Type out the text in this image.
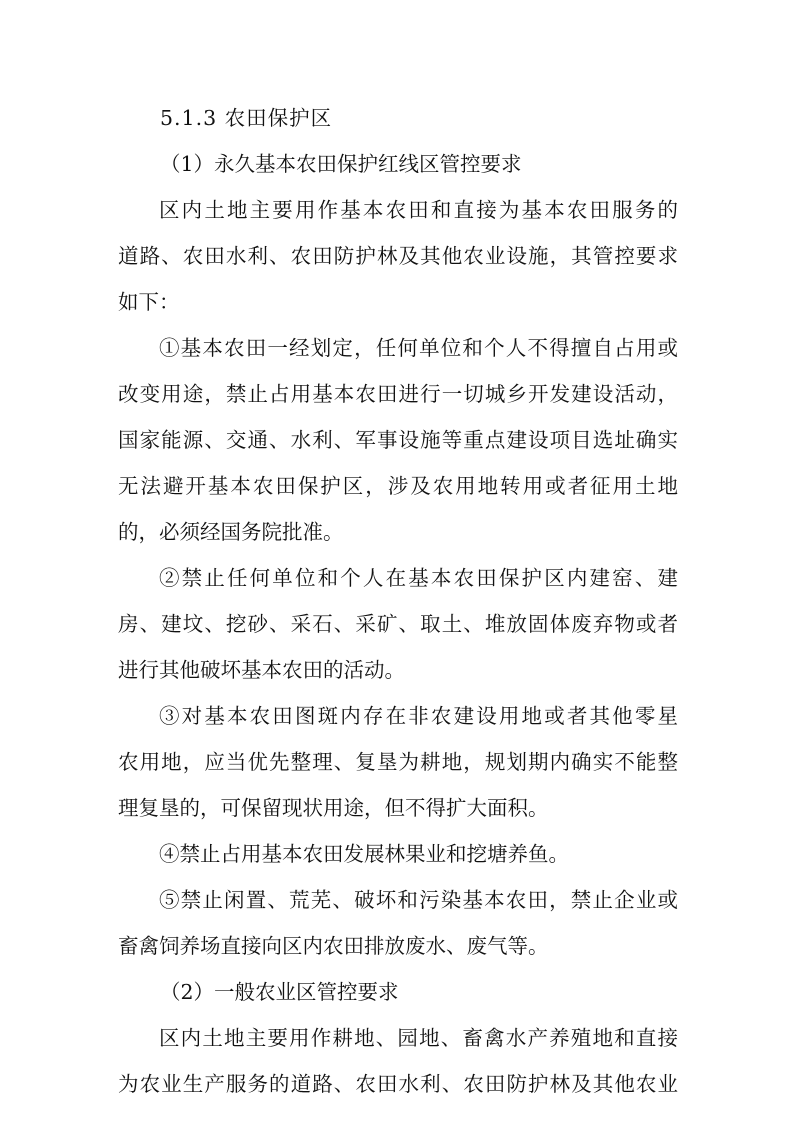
5.1.3 农田保护区
（1）永久基本农田保护红线区管控要求
区内土地主要用作基本农田和直接为基本农田服务的
道路、农田水利、农田防护林及其他农业设施，其管控要求
如下：
①基本农田一经划定，任何单位和个人不得擅自占用或
改变用途，禁止占用基本农田进行一切城乡开发建设活动，
国家能源、交通、水利、军事设施等重点建设项目选址确实
无法避开基本农田保护区，涉及农用地转用或者征用土地
的，必须经国务院批准。
②禁止任何单位和个人在基本农田保护区内建窑、建
房、建坟、挖砂、采石、采矿、取土、堆放固体废弃物或者
进行其他破坏基本农田的活动。
③对基本农田图斑内存在非农建设用地或者其他零星
农用地，应当优先整理、复垦为耕地，规划期内确实不能整
理复垦的，可保留现状用途，但不得扩大面积。
④禁止占用基本农田发展林果业和挖塘养鱼。
⑤禁止闲置、荒芜、破坏和污染基本农田，禁止企业或
畜禽饲养场直接向区内农田排放废水、废气等。
（2）一般农业区管控要求
区内土地主要用作耕地、园地、畜禽水产养殖地和直接
为农业生产服务的道路、农田水利、农田防护林及其他农业
